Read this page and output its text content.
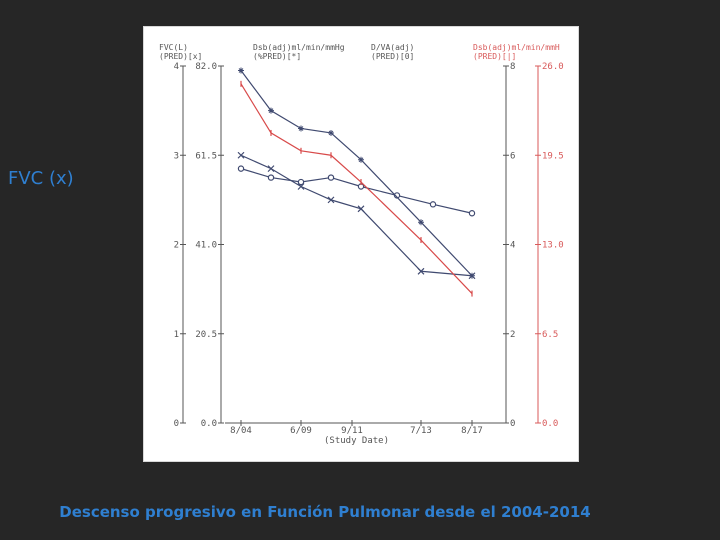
FVC (x)
FVC(L)
(PRED)[x]
Dsb(adj)ml/min/mmHg
(%PRED)[*]
D/VA(adj)
(PRED)[0]
Dsb(adj)ml/min/mmH
(PRED)[|]
0
1
2
3
4
0.0
20.5
41.0
61.5
82.0
0
2
4
6
8
0.0
6.5
13.0
19.5
26.0
8/04	6/09	9/11	7/13	8/17
(Study Date)
Descenso progresivo en Función Pulmonar desde el 2004-2014
